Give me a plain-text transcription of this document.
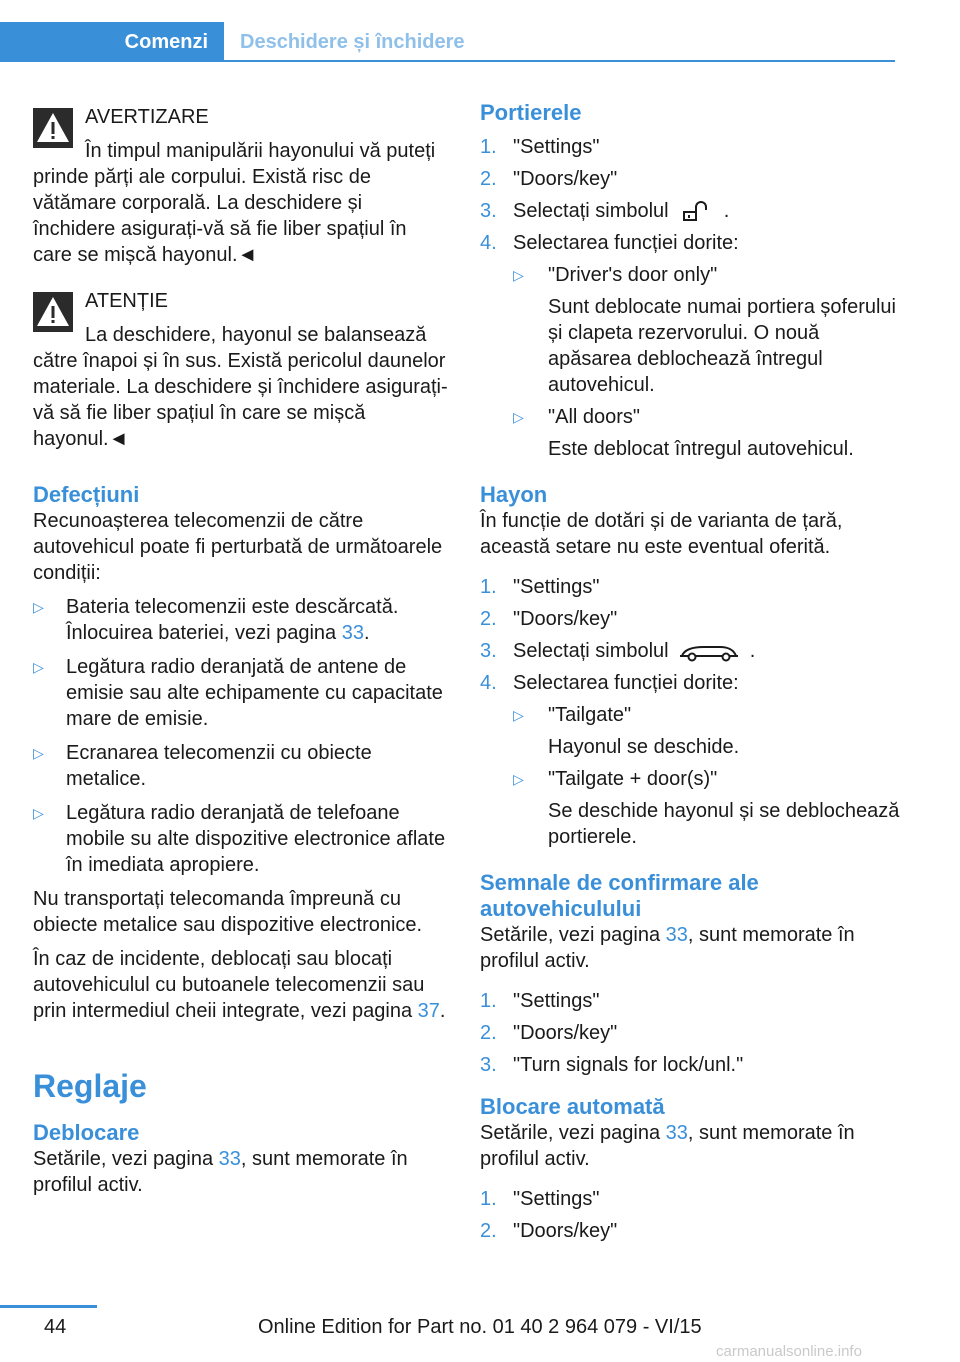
Comenzi Deschidere și închidere
AVERTIZARE

În timpul manipulării hayonului vă puteți prinde părți ale corpului. Există risc de vătămare corporală. La deschidere și închidere asigurați-vă să fie liber spațiul în care se mișcă hayonul.◄

ATENȚIE

La deschidere, hayonul se balansează către înapoi și în sus. Există pericolul daunelor materiale. La deschidere și închidere asigurați-vă să fie liber spațiul în care se mișcă hayonul.◄

Defecțiuni

Recunoașterea telecomenzii de către autovehicul poate fi perturbată de următoarele condiții:

▷ Bateria telecomenzii este descărcată. Înlocuirea bateriei, vezi pagina 33.
▷ Legătura radio deranjată de antene de emisie sau alte echipamente cu capacitate mare de emisie.
▷ Ecranarea telecomenzii cu obiecte metalice.
▷ Legătura radio deranjată de telefoane mobile su alte dispozitive electronice aflate în imediata apropiere.

Nu transportați telecomanda împreună cu obiecte metalice sau dispozitive electronice.

În caz de incidente, deblocați sau blocați autovehiculul cu butoanele telecomenzii sau prin intermediul cheii integrate, vezi pagina 37.

Reglaje
Deblocare

Setările, vezi pagina 33, sunt memorate în profilul activ.

Portierele
1. "Settings"
2. "Doors/key"
3. Selectați simbolul  .
4. Selectarea funcției dorite:
▷ "Driver's door only"
Sunt deblocate numai portiera șoferului și clapeta rezervorului. O nouă apăsarea deblochează întregul autovehicul.
▷ "All doors"
Este deblocat întregul autovehicul.
Hayon

În funcție de dotări și de varianta de țară, această setare nu este eventual oferită.

1. "Settings"
2. "Doors/key"
3. Selectați simbolul	.
4. Selectarea funcției dorite:
▷ "Tailgate"
Hayonul se deschide.
▷ "Tailgate + door(s)"
Se deschide hayonul și se deblochează portierele.
Semnale de confirmare ale autovehiculului

Setările, vezi pagina 33, sunt memorate în profilul activ.

1. "Settings"
2. "Doors/key"
3. "Turn signals for lock/unl."
Blocare automată

Setările, vezi pagina 33, sunt memorate în profilul activ.

1. "Settings"
2. "Doors/key"
44	Online Edition for Part no. 01 40 2 964 079 - VI/15
carmanualsonline.info
